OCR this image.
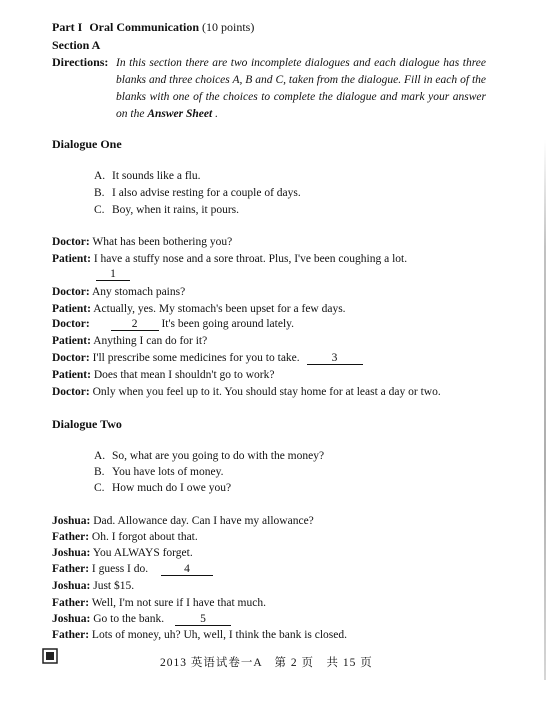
Part I Oral Communication (10 points)
Section A
Directions: In this section there are two incomplete dialogues and each dialogue has three blanks and three choices A, B and C, taken from the dialogue. Fill in each of the blanks with one of the choices to complete the dialogue and mark your answer on the Answer Sheet .
Dialogue One
A. It sounds like a flu.
B. I also advise resting for a couple of days.
C. Boy, when it rains, it pours.
Doctor: What has been bothering you?
Patient: I have a stuffy nose and a sore throat. Plus, I've been coughing a lot.
1
Doctor: Any stomach pains?
Patient: Actually, yes. My stomach's been upset for a few days.
Doctor:	2 It's been going around lately.
Patient: Anything I can do for it?
Doctor: I'll prescribe some medicines for you to take.	3
Patient: Does that mean I shouldn't go to work?
Doctor: Only when you feel up to it. You should stay home for at least a day or two.
Dialogue Two
A. So, what are you going to do with the money?
B. You have lots of money.
C. How much do I owe you?
Joshua: Dad. Allowance day. Can I have my allowance?
Father: Oh. I forgot about that.
Joshua: You ALWAYS forget.
Father: I guess I do.	4
Joshua: Just $15.
Father: Well, I'm not sure if I have that much.
Joshua: Go to the bank.	5
Father: Lots of money, uh? Uh, well, I think the bank is closed.
2013 英语试卷一A　第 2 页　共 15 页
